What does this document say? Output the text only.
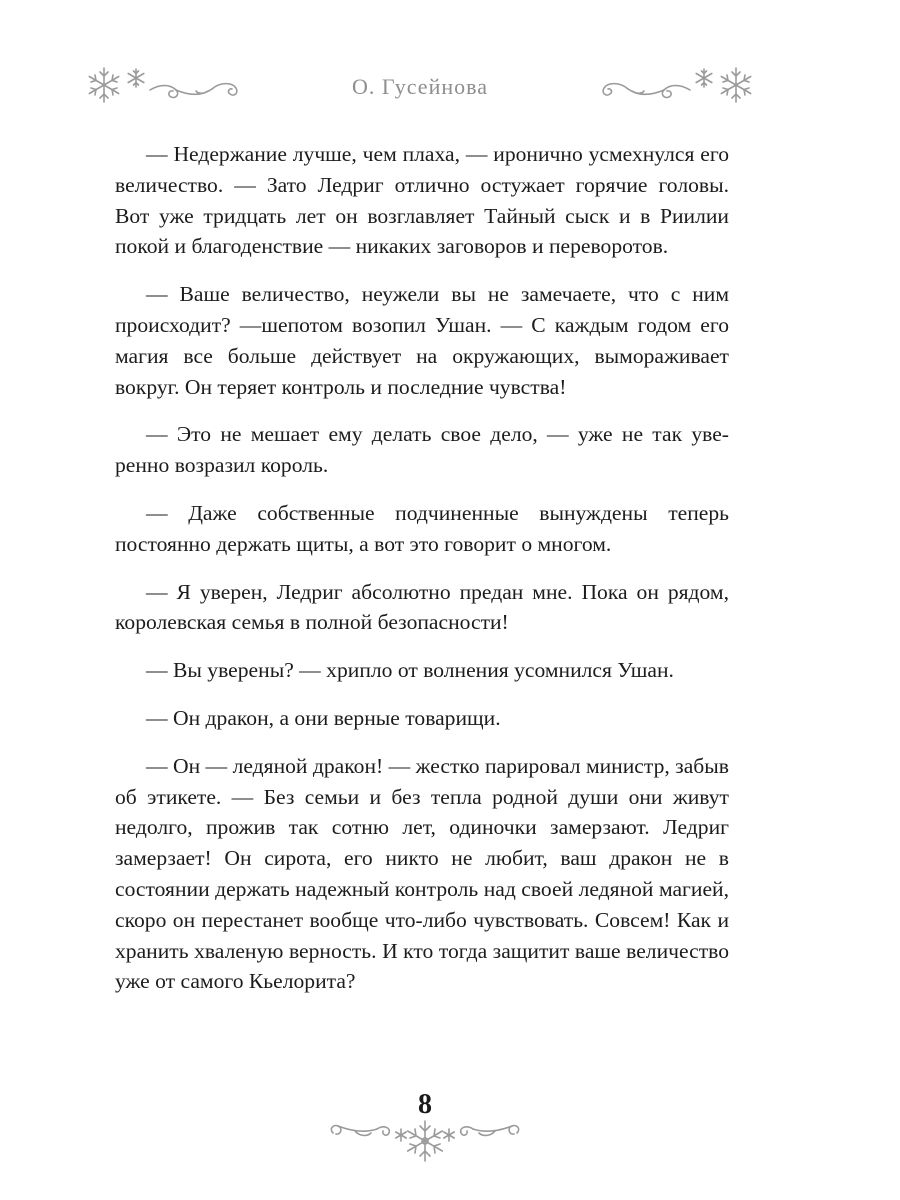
О. Гусейнова

— Недержание лучше, чем плаха, — иронично усмехнулся его величество. — Зато Ледриг отлично остужает горячие головы. Вот уже тридцать лет он возглавляет Тайный сыск и в Риилии покой и благоденствие — никаких заговоров и переворотов.

— Ваше величество, неужели вы не замечаете, что с ним происходит? —шепотом возопил Ушан. — С каждым годом его магия все больше действует на окружающих, вымораживает вокруг. Он теряет контроль и последние чувства!

— Это не мешает ему делать свое дело, — уже не так уверенно возразил король.

— Даже собственные подчиненные вынуждены теперь постоянно держать щиты, а вот это говорит о многом.

— Я уверен, Ледриг абсолютно предан мне. Пока он рядом, королевская семья в полной безопасности!

— Вы уверены? — хрипло от волнения усомнился Ушан.

— Он дракон, а они верные товарищи.

— Он — ледяной дракон! — жестко парировал министр, забыв об этикете. — Без семьи и без тепла родной души они живут недолго, прожив так сотню лет, одиночки замерзают. Ледриг замерзает! Он сирота, его никто не любит, ваш дракон не в состоянии держать надежный контроль над своей ледяной магией, скоро он перестанет вообще что-либо чувствовать. Совсем! Как и хранить хваленую верность. И кто тогда защитит ваше величество уже от самого Кьелорита?

8
